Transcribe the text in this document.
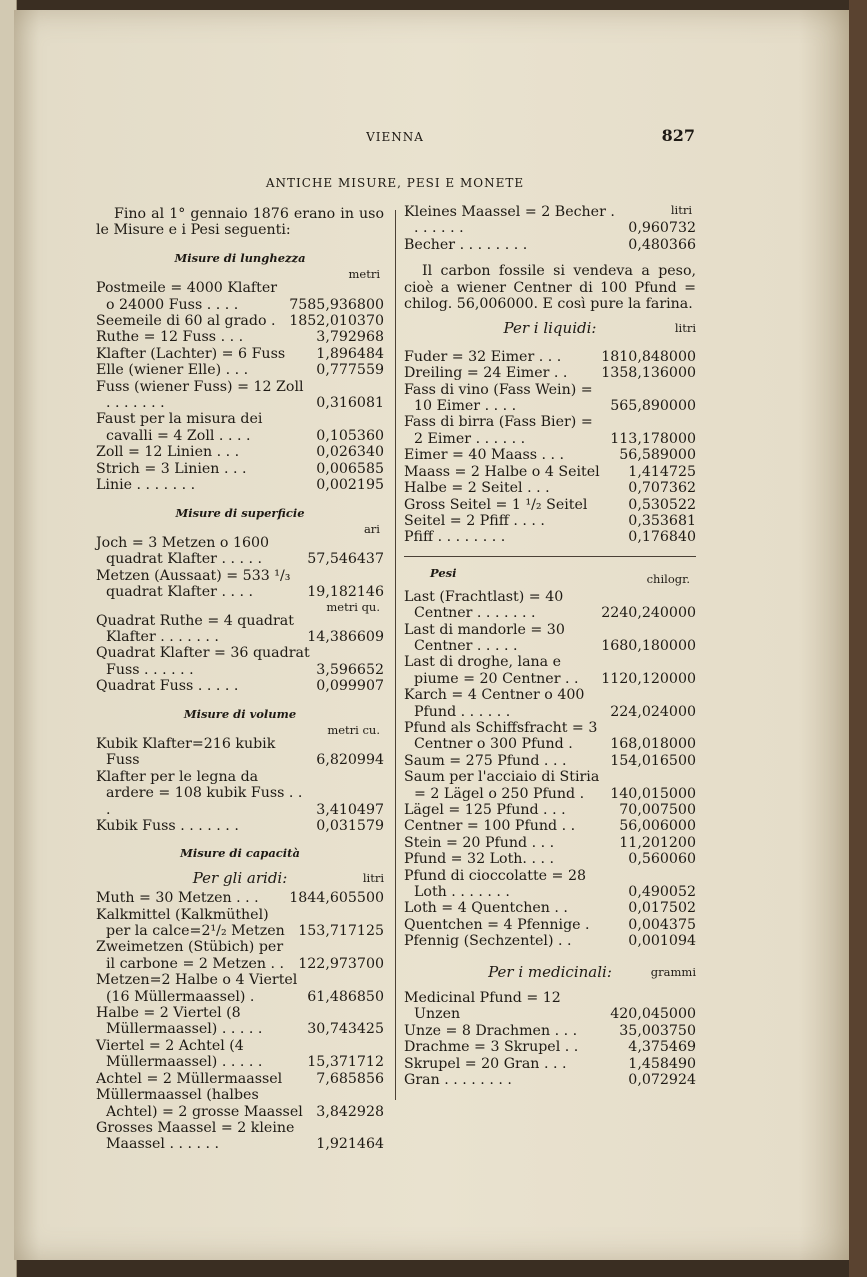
VIENNA	827
ANTICHE MISURE, PESI E MONETE
Fino al 1° gennaio 1876 erano in uso le Misure e i Pesi seguenti:
Misure di lunghezza
metri
Postmeile = 4000 Klafter o 24000 Fuss . . . .	7585,936800
Seemeile di 60 al grado . 1852,010370
Ruthe = 12 Fuss . . .	3,792968
Klafter (Lachter) = 6 Fuss	1,896484
Elle (wiener Elle) . . .	0,777559
Fuss (wiener Fuss) = 12 Zoll . . . . . . .	0,316081
Faust per la misura dei cavalli = 4 Zoll . . . .	0,105360
Zoll = 12 Linien . . .	0,026340
Strich = 3 Linien . . .	0,006585
Linie . . . . . . .	0,002195
Misure di superficie
ari
Joch = 3 Metzen o 1600 quadrat Klafter . . . . .	57,546437
Metzen (Aussaat) = 533 ¹/₃ quadrat Klafter . . . .	19,182146
metri qu.
Quadrat Ruthe = 4 quadrat Klafter . . . . . . .	14,386609
Quadrat Klafter = 36 quadrat Fuss . . . . . .	3,596652
Quadrat Fuss . . . . .	0,099907
Misure di volume
metri cu.
Kubik Klafter=216 kubik Fuss	6,820994
Klafter per le legna da ardere = 108 kubik Fuss . . .	3,410497
Kubik Fuss . . . . . . .	0,031579
Misure di capacità
Per gli aridi:	litri
Muth = 30 Metzen . . .	1844,605500
Kalkmittel (Kalkmüthel) per la calce=2¹/₂ Metzen 153,717125
Zweimetzen (Stübich) per il carbone = 2 Metzen . .	122,973700
Metzen=2 Halbe o 4 Viertel (16 Müllermaassel) .	61,486850
Halbe = 2 Viertel (8 Müllermaassel) . . . . .	30,743425
Viertel = 2 Achtel (4 Müllermaassel) . . . . .	15,371712
Achtel = 2 Müllermaassel	7,685856
Müllermaassel (halbes Achtel) = 2 grosse Maassel 3,842928
Grosses Maassel = 2 kleine Maassel . . . . . .	1,921464
litri
Kleines Maassel = 2 Becher . . . . . . .	0,960732
Becher . . . . . . . .	0,480366
Il carbon fossile si vendeva a peso, cioè a wiener Centner di 100 Pfund = chilog. 56,006000. E così pure la farina.
Per i liquidi:	litri
Fuder = 32 Eimer . . .	1810,848000
Dreiling = 24 Eimer . .	1358,136000
Fass di vino (Fass Wein) = 10 Eimer . . . .	565,890000
Fass di birra (Fass Bier) = 2 Eimer . . . . . .	113,178000
Eimer = 40 Maass . . .	56,589000
Maass = 2 Halbe o 4 Seitel	1,414725
Halbe = 2 Seitel . . .	0,707362
Gross Seitel = 1 ¹/₂ Seitel	0,530522
Seitel = 2 Pfiff . . . .	0,353681
Pfiff . . . . . . . .	0,176840
Pesi	chilogr.
Last (Frachtlast) = 40 Centner . . . . . . .	2240,240000
Last di mandorle = 30 Centner . . . . .	1680,180000
Last di droghe, lana e piume = 20 Centner . .	1120,120000
Karch = 4 Centner o 400 Pfund . . . . . .	224,024000
Pfund als Schiffsfracht = 3 Centner o 300 Pfund .	168,018000
Saum = 275 Pfund . . .	154,016500
Saum per l'acciaio di Stiria = 2 Lägel o 250 Pfund .	140,015000
Lägel = 125 Pfund . . .	70,007500
Centner = 100 Pfund . .	56,006000
Stein = 20 Pfund . . .	11,201200
Pfund = 32 Loth. . . .	0,560060
Pfund di cioccolatte = 28 Loth . . . . . . .	0,490052
Loth = 4 Quentchen . .	0,017502
Quentchen = 4 Pfennige .	0,004375
Pfennig (Sechzentel) . .	0,001094
Per i medicinali:	grammi
Medicinal Pfund = 12 Unzen	420,045000
Unze = 8 Drachmen . . .	35,003750
Drachme = 3 Skrupel . .	4,375469
Skrupel = 20 Gran . . .	1,458490
Gran . . . . . . . .	0,072924
